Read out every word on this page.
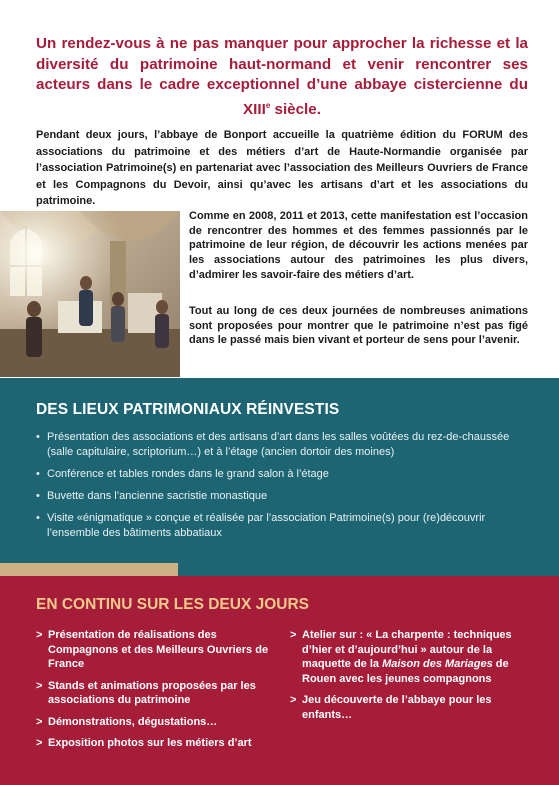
Un rendez-vous à ne pas manquer pour approcher la richesse et la diversité du patrimoine haut-normand et venir rencontrer ses acteurs dans le cadre exceptionnel d’une abbaye cistercienne du XIIIe siècle.

Pendant deux jours, l’abbaye de Bonport accueille la quatrième édition du FORUM des associations du patrimoine et des métiers d’art de Haute-Normandie organisée par l’association Patrimoine(s) en partenariat avec l’association des Meilleurs Ouvriers de France et les Compagnons du Devoir, ainsi qu’avec les artisans d’art et les associations du patrimoine.

Comme en 2008, 2011 et 2013, cette manifestation est l’occasion de rencontrer des hommes et des femmes passionnés par le patrimoine de leur région, de découvrir les actions menées par les associations autour des patrimoines les plus divers, d’admirer les savoir-faire des métiers d’art.

Tout au long de ces deux journées de nombreuses animations sont proposées pour montrer que le patrimoine n’est pas figé dans le passé mais bien vivant et porteur de sens pour l’avenir.

DES LIEUX PATRIMONIAUX RÉINVESTIS
• Présentation des associations et des artisans d’art dans les salles voûtées du rez-de-chaussée (salle capitulaire, scriptorium…) et à l’étage (ancien dortoir des moines)
• Conférence et tables rondes dans le grand salon à l’étage
• Buvette dans l’ancienne sacristie monastique
• Visite «énigmatique » conçue et réalisée par l’association Patrimoine(s) pour (re)découvrir l’ensemble des bâtiments abbatiaux
EN CONTINU SUR LES DEUX JOURS
> Présentation de réalisations des Compagnons et des Meilleurs Ouvriers de France
> Stands et animations proposées par les associations du patrimoine
> Démonstrations, dégustations…
> Exposition photos sur les métiers d’art
> Atelier sur : « La charpente : techniques d’hier et d’aujourd’hui » autour de la maquette de la Maison des Mariages de Rouen avec les jeunes compagnons
> Jeu découverte de l’abbaye pour les enfants…
